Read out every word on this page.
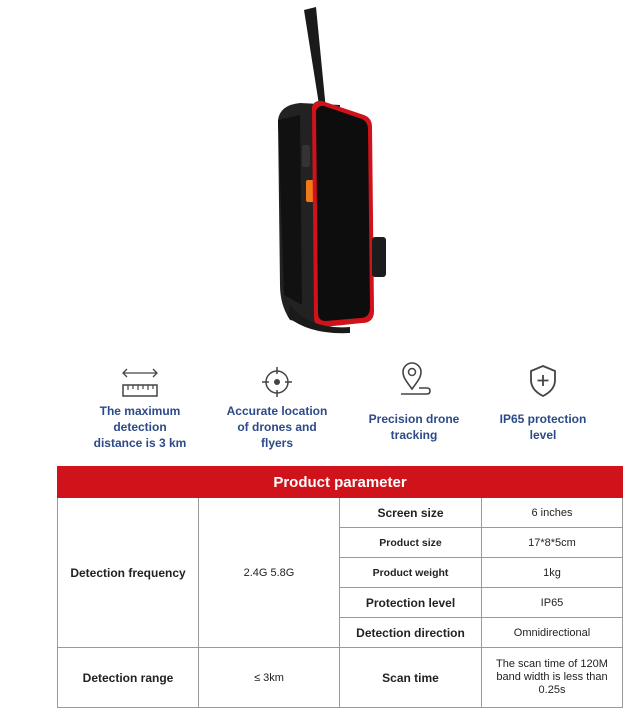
The maximum
detection
distance is 3 km
Accurate location
of drones and
flyers
Precision drone
tracking
IP65 protection
level
Product parameter			
Detection frequency	2.4G 5.8G	Screen size	6 inches
		Product size	17*8*5cm
		Product weight	1kg
		Protection level	IP65
		Detection direction	Omnidirectional
Detection range	≤ 3km	Scan time	The scan time of 120M
band width is less than
0.25s
